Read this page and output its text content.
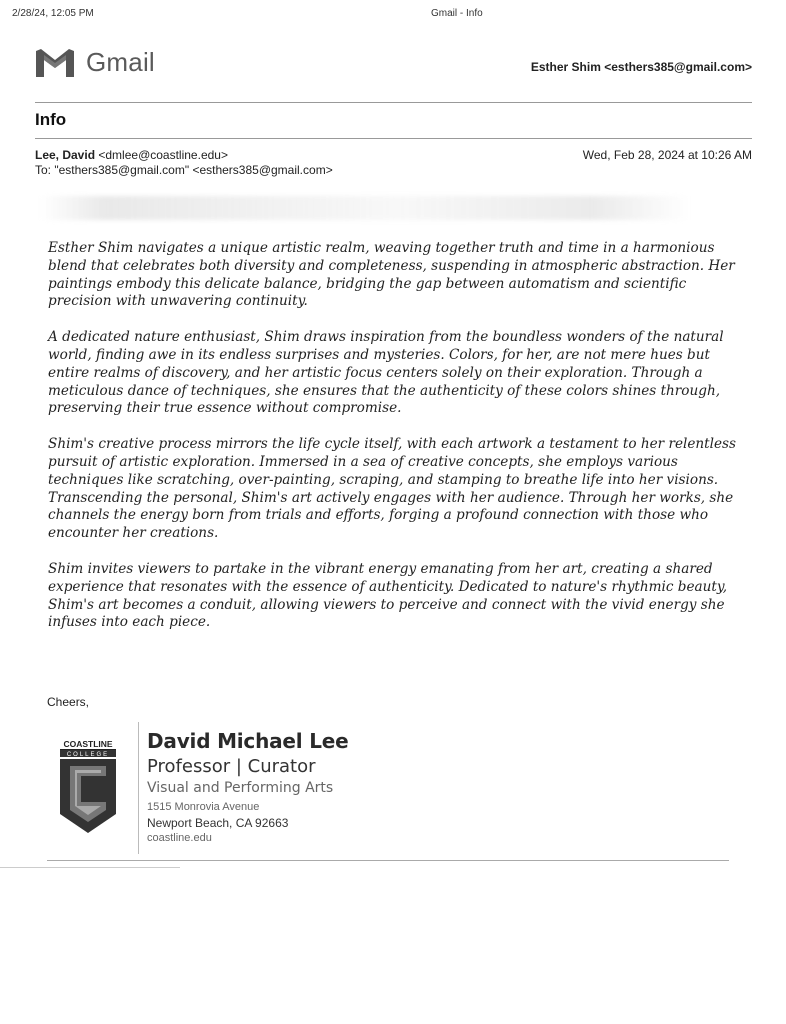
2/28/24, 12:05 PM	Gmail - Info
Gmail	Esther Shim <esthers385@gmail.com>
Info
Lee, David <dmlee@coastline.edu>
To: "esthers385@gmail.com" <esthers385@gmail.com>
Wed, Feb 28, 2024 at 10:26 AM

Esther Shim navigates a unique artistic realm, weaving together truth and time in a harmonious blend that celebrates both diversity and completeness, suspending in atmospheric abstraction. Her paintings embody this delicate balance, bridging the gap between automatism and scientific precision with unwavering continuity.

A dedicated nature enthusiast, Shim draws inspiration from the boundless wonders of the natural world, finding awe in its endless surprises and mysteries. Colors, for her, are not mere hues but entire realms of discovery, and her artistic focus centers solely on their exploration. Through a meticulous dance of techniques, she ensures that the authenticity of these colors shines through, preserving their true essence without compromise.

Shim's creative process mirrors the life cycle itself, with each artwork a testament to her relentless pursuit of artistic exploration. Immersed in a sea of creative concepts, she employs various techniques like scratching, over-painting, scraping, and stamping to breathe life into her visions.

Transcending the personal, Shim's art actively engages with her audience. Through her works, she channels the energy born from trials and efforts, forging a profound connection with those who encounter her creations.

Shim invites viewers to partake in the vibrant energy emanating from her art, creating a shared experience that resonates with the essence of authenticity. Dedicated to nature's rhythmic beauty, Shim's art becomes a conduit, allowing viewers to perceive and connect with the vivid energy she infuses into each piece.

Cheers,
COASTLINE
COLLEGE
David Michael Lee
Professor | Curator
Visual and Performing Arts
1515 Monrovia Avenue
Newport Beach, CA 92663
coastline.edu
